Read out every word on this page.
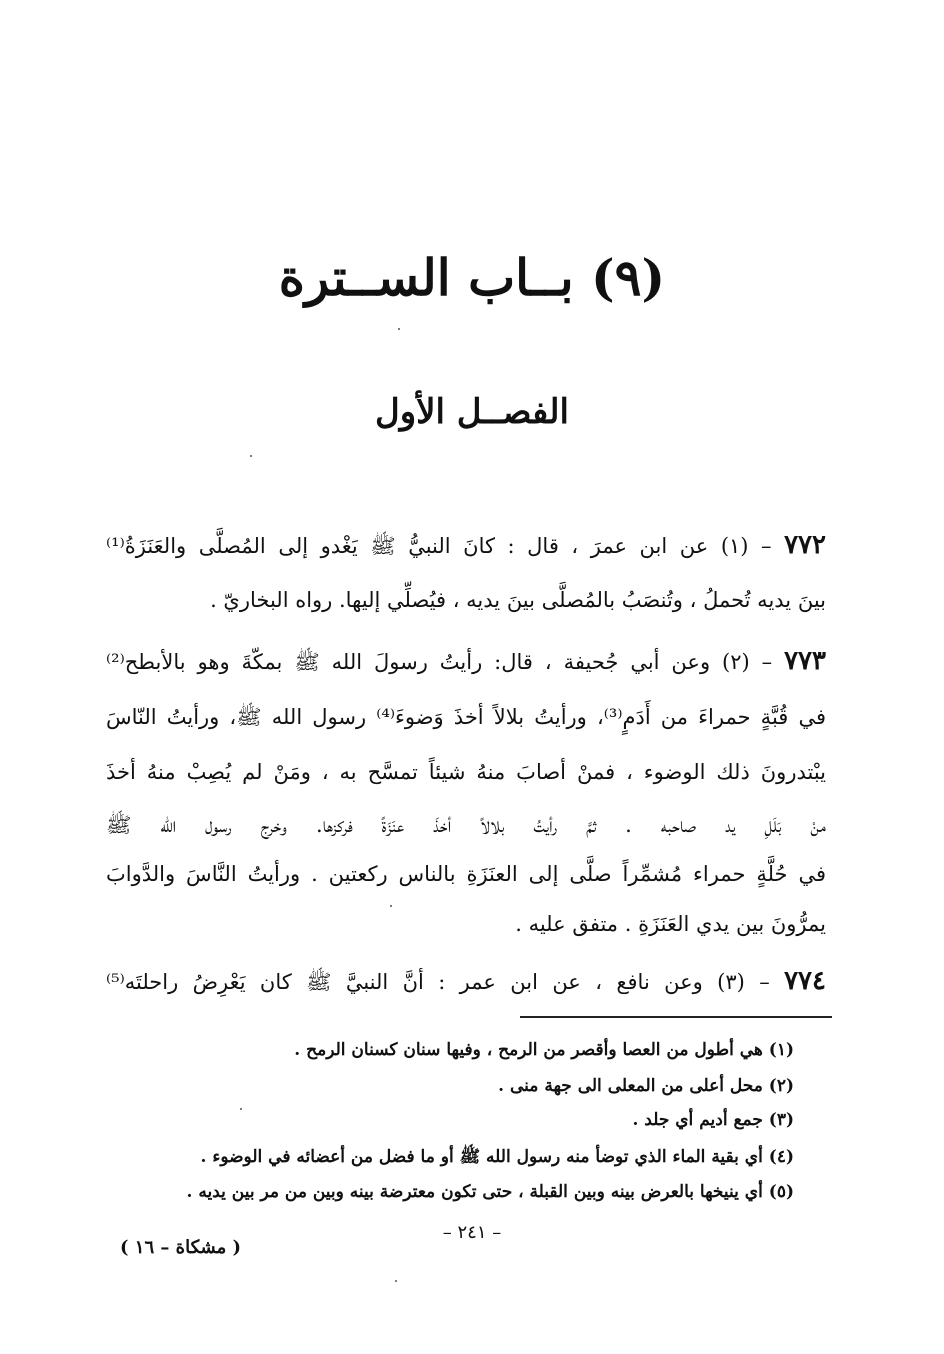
(٩) بــاب الســترة
الفصــل الأول
٧٧٢ – (١) عن ابن عمرَ ، قال : كانَ النبيُّ ﷺ يَغْدو إلى المُصلَّى والعَنَزَةُ⁽¹⁾
بينَ يديه تُحملُ ، وتُنصَبُ بالمُصلَّى بينَ يديه ، فيُصلِّي إليها. رواه البخاريّ .
٧٧٣ – (٢) وعن أبي جُحيفة ، قال: رأيتُ رسولَ الله ﷺ بمكّةَ وهو بالأبطح⁽²⁾
في قُبَّةٍ حمراءَ من أَدَمٍ⁽³⁾، ورأيتُ بلالاً أخذَ وَضوءَ⁽⁴⁾ رسول الله ﷺ، ورأيتُ النّاسَ
يبْتدرونَ ذلك الوضوء ، فمنْ أصابَ منهُ شيئاً تمسَّح به ، ومَنْ لم يُصِبْ منهُ أخذَ
منْ بَلَلِ يد صاحبه . ثمَّ رأيتُ بلالاً أخذَ عنَزَةً فركزها. وخرج رسول الله ﷺ
في حُلَّةٍ حمراء مُشمِّراً صلَّى إلى العنَزَةِ بالناس ركعتين . ورأيتُ النَّاسَ والدَّوابَ
يمرُّونَ بين يدي العَنَزَةِ . متفق عليه .
٧٧٤ – (٣) وعن نافع ، عن ابن عمر : أنَّ النبيَّ ﷺ كان يَعْرِضُ راحلتَه⁽⁵⁾
(١) هي أطول من العصا وأقصر من الرمح ، وفيها سنان كسنان الرمح .
(٢) محل أعلى من المعلى الى جهة منى .
(٣) جمع أديم أي جلد .
(٤) أي بقية الماء الذي توضأ منه رسول الله ﷺ أو ما فضل من أعضائه في الوضوء .
(٥) أي ينيخها بالعرض بينه وبين القبلة ، حتى تكون معترضة بينه وبين من مر بين يديه .
– ٢٤١ –
( مشكاة – ١٦ )
